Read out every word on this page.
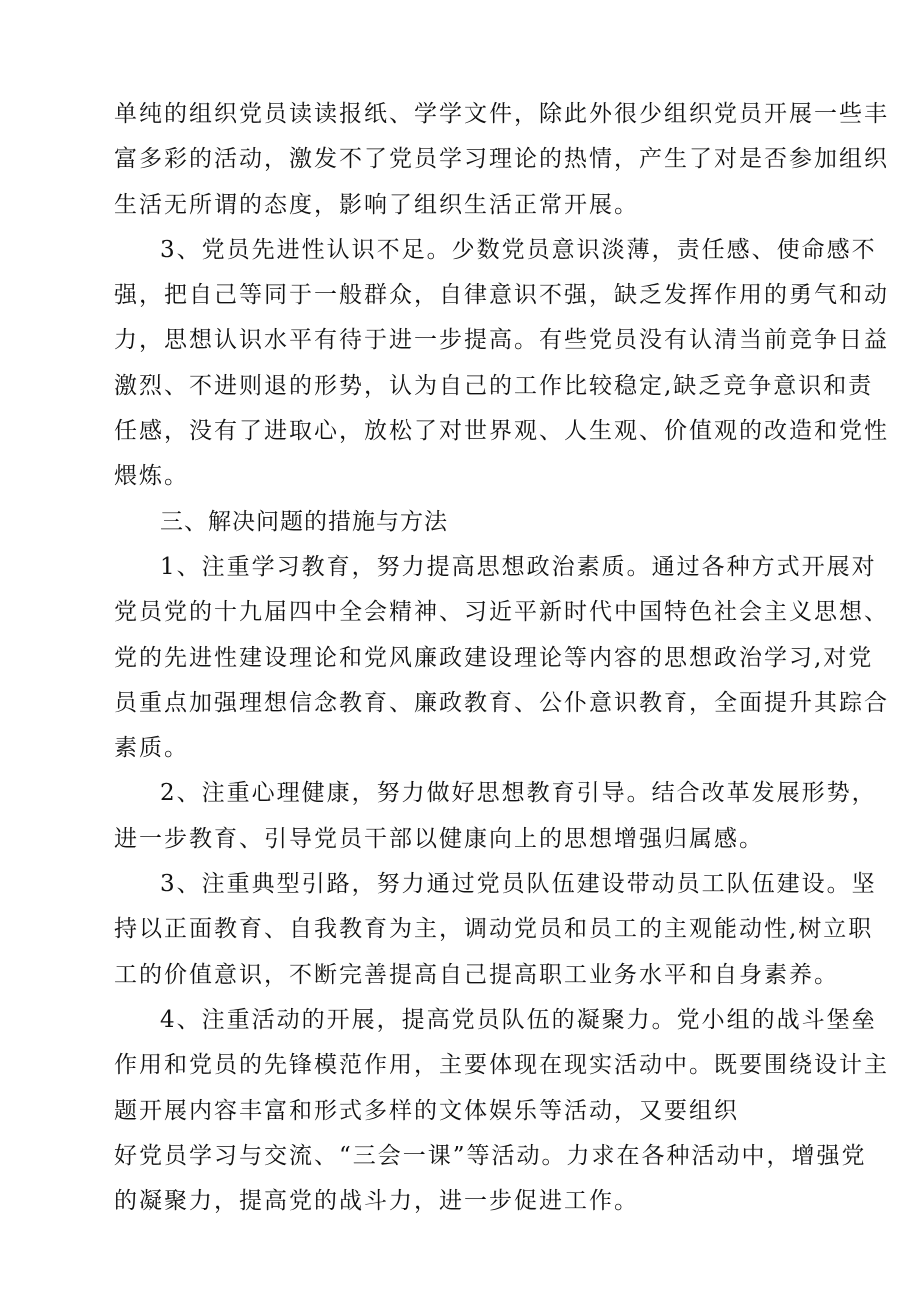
单纯的组织党员读读报纸、学学文件，除此外很少组织党员开展一些丰
富多彩的活动，激发不了党员学习理论的热情，产生了对是否参加组织
生活无所谓的态度，影响了组织生活正常开展。
3、党员先进性认识不足。少数党员意识淡薄，责任感、使命感不
强，把自己等同于一般群众，自律意识不强，缺乏发挥作用的勇气和动
力，思想认识水平有待于进一步提高。有些党员没有认清当前竞争日益
激烈、不进则退的形势，认为自己的工作比较稳定,缺乏竞争意识和责
任感，没有了进取心，放松了对世界观、人生观、价值观的改造和党性
煨炼。
三、解决问题的措施与方法
1、注重学习教育，努力提高思想政治素质。通过各种方式开展对
党员党的十九届四中全会精神、习近平新时代中国特色社会主义思想、
党的先进性建设理论和党风廉政建设理论等内容的思想政治学习,对党
员重点加强理想信念教育、廉政教育、公仆意识教育，全面提升其踪合
素质。
2、注重心理健康，努力做好思想教育引导。结合改革发展形势，
进一步教育、引导党员干部以健康向上的思想增强归属感。
3、注重典型引路，努力通过党员队伍建设带动员工队伍建设。坚
持以正面教育、自我教育为主，调动党员和员工的主观能动性,树立职
工的价值意识，不断完善提高自己提高职工业务水平和自身素养。
4、注重活动的开展，提高党员队伍的凝聚力。党小组的战斗堡垒
作用和党员的先锋模范作用，主要体现在现实活动中。既要围绕设计主
题开展内容丰富和形式多样的文体娱乐等活动，又要组织
好党员学习与交流、“三会一课”等活动。力求在各种活动中，增强党
的凝聚力，提高党的战斗力，进一步促进工作。
